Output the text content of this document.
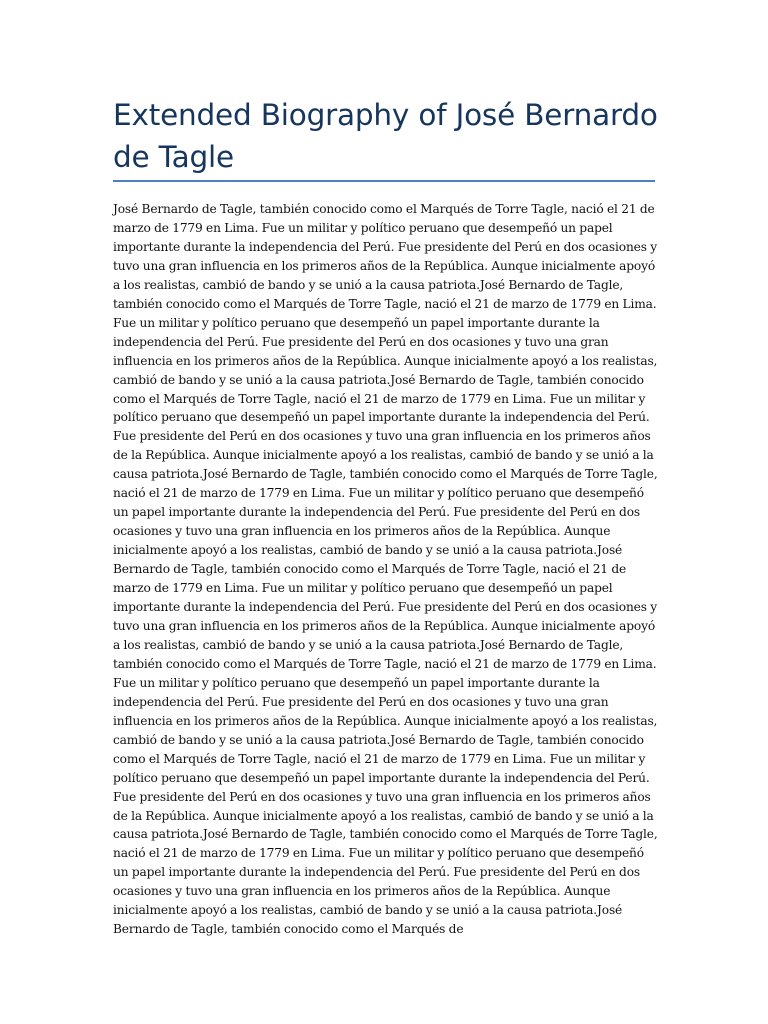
Extended Biography of José Bernardo de Tagle

José Bernardo de Tagle, también conocido como el Marqués de Torre Tagle, nació el 21 de marzo de 1779 en Lima. Fue un militar y político peruano que desempeñó un papel importante durante la independencia del Perú. Fue presidente del Perú en dos ocasiones y tuvo una gran influencia en los primeros años de la República. Aunque inicialmente apoyó a los realistas, cambió de bando y se unió a la causa patriota.José Bernardo de Tagle, también conocido como el Marqués de Torre Tagle, nació el 21 de marzo de 1779 en Lima. Fue un militar y político peruano que desempeñó un papel importante durante la independencia del Perú. Fue presidente del Perú en dos ocasiones y tuvo una gran influencia en los primeros años de la República. Aunque inicialmente apoyó a los realistas, cambió de bando y se unió a la causa patriota.José Bernardo de Tagle, también conocido como el Marqués de Torre Tagle, nació el 21 de marzo de 1779 en Lima. Fue un militar y político peruano que desempeñó un papel importante durante la independencia del Perú. Fue presidente del Perú en dos ocasiones y tuvo una gran influencia en los primeros años de la República. Aunque inicialmente apoyó a los realistas, cambió de bando y se unió a la causa patriota.José Bernardo de Tagle, también conocido como el Marqués de Torre Tagle, nació el 21 de marzo de 1779 en Lima. Fue un militar y político peruano que desempeñó un papel importante durante la independencia del Perú. Fue presidente del Perú en dos ocasiones y tuvo una gran influencia en los primeros años de la República. Aunque inicialmente apoyó a los realistas, cambió de bando y se unió a la causa patriota.José Bernardo de Tagle, también conocido como el Marqués de Torre Tagle, nació el 21 de marzo de 1779 en Lima. Fue un militar y político peruano que desempeñó un papel importante durante la independencia del Perú. Fue presidente del Perú en dos ocasiones y tuvo una gran influencia en los primeros años de la República. Aunque inicialmente apoyó a los realistas, cambió de bando y se unió a la causa patriota.José Bernardo de Tagle, también conocido como el Marqués de Torre Tagle, nació el 21 de marzo de 1779 en Lima. Fue un militar y político peruano que desempeñó un papel importante durante la independencia del Perú. Fue presidente del Perú en dos ocasiones y tuvo una gran influencia en los primeros años de la República. Aunque inicialmente apoyó a los realistas, cambió de bando y se unió a la causa patriota.José Bernardo de Tagle, también conocido como el Marqués de Torre Tagle, nació el 21 de marzo de 1779 en Lima. Fue un militar y político peruano que desempeñó un papel importante durante la independencia del Perú. Fue presidente del Perú en dos ocasiones y tuvo una gran influencia en los primeros años de la República. Aunque inicialmente apoyó a los realistas, cambió de bando y se unió a la causa patriota.José Bernardo de Tagle, también conocido como el Marqués de Torre Tagle, nació el 21 de marzo de 1779 en Lima. Fue un militar y político peruano que desempeñó un papel importante durante la independencia del Perú. Fue presidente del Perú en dos ocasiones y tuvo una gran influencia en los primeros años de la República. Aunque inicialmente apoyó a los realistas, cambió de bando y se unió a la causa patriota.José Bernardo de Tagle, también conocido como el Marqués de
